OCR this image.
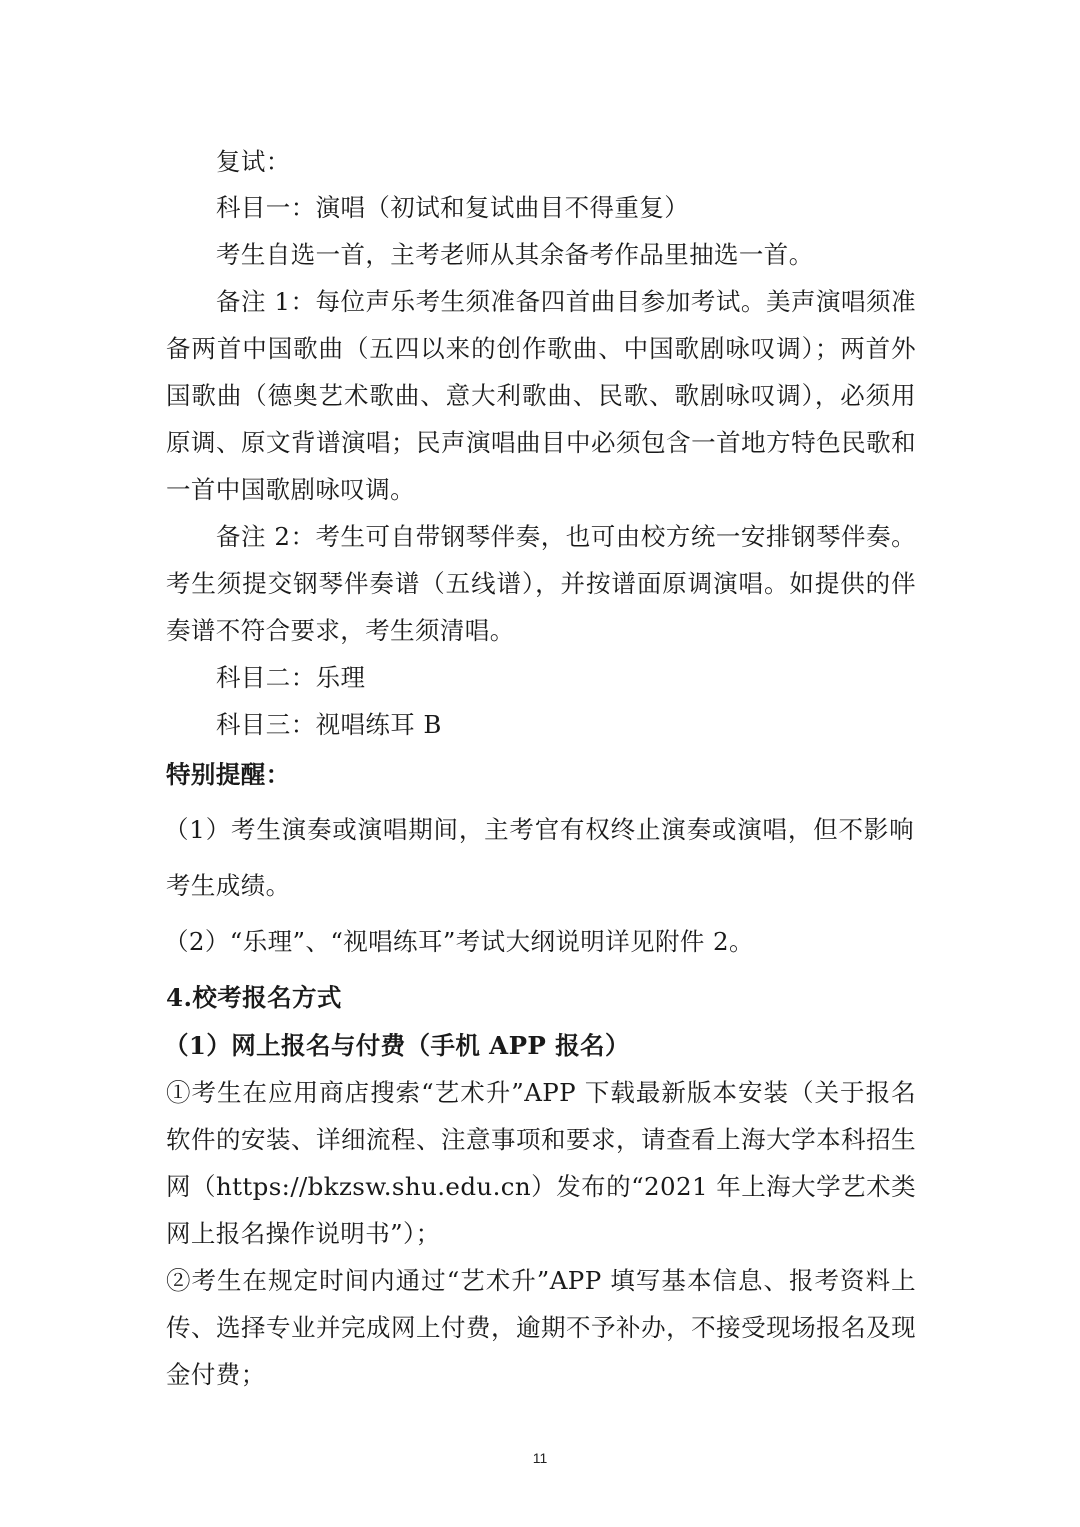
复试：
科目一：演唱（初试和复试曲目不得重复）
考生自选一首，主考老师从其余备考作品里抽选一首。
备注 1：每位声乐考生须准备四首曲目参加考试。美声演唱须准
备两首中国歌曲（五四以来的创作歌曲、中国歌剧咏叹调）；两首外
国歌曲（德奥艺术歌曲、意大利歌曲、民歌、歌剧咏叹调），必须用
原调、原文背谱演唱；民声演唱曲目中必须包含一首地方特色民歌和
一首中国歌剧咏叹调。
备注 2：考生可自带钢琴伴奏，也可由校方统一安排钢琴伴奏。
考生须提交钢琴伴奏谱（五线谱），并按谱面原调演唱。如提供的伴
奏谱不符合要求，考生须清唱。
科目二：乐理
科目三：视唱练耳 B
特别提醒：
（1）考生演奏或演唱期间，主考官有权终止演奏或演唱，但不影响
考生成绩。
（2）“乐理”、“视唱练耳”考试大纲说明详见附件 2。
4.校考报名方式
（1）网上报名与付费（手机 APP 报名）
①考生在应用商店搜索“艺术升”APP 下载最新版本安装（关于报名
软件的安装、详细流程、注意事项和要求，请查看上海大学本科招生
网（https://bkzsw.shu.edu.cn）发布的“2021 年上海大学艺术类
网上报名操作说明书”）；
②考生在规定时间内通过“艺术升”APP 填写基本信息、报考资料上
传、选择专业并完成网上付费，逾期不予补办，不接受现场报名及现
金付费；
11
